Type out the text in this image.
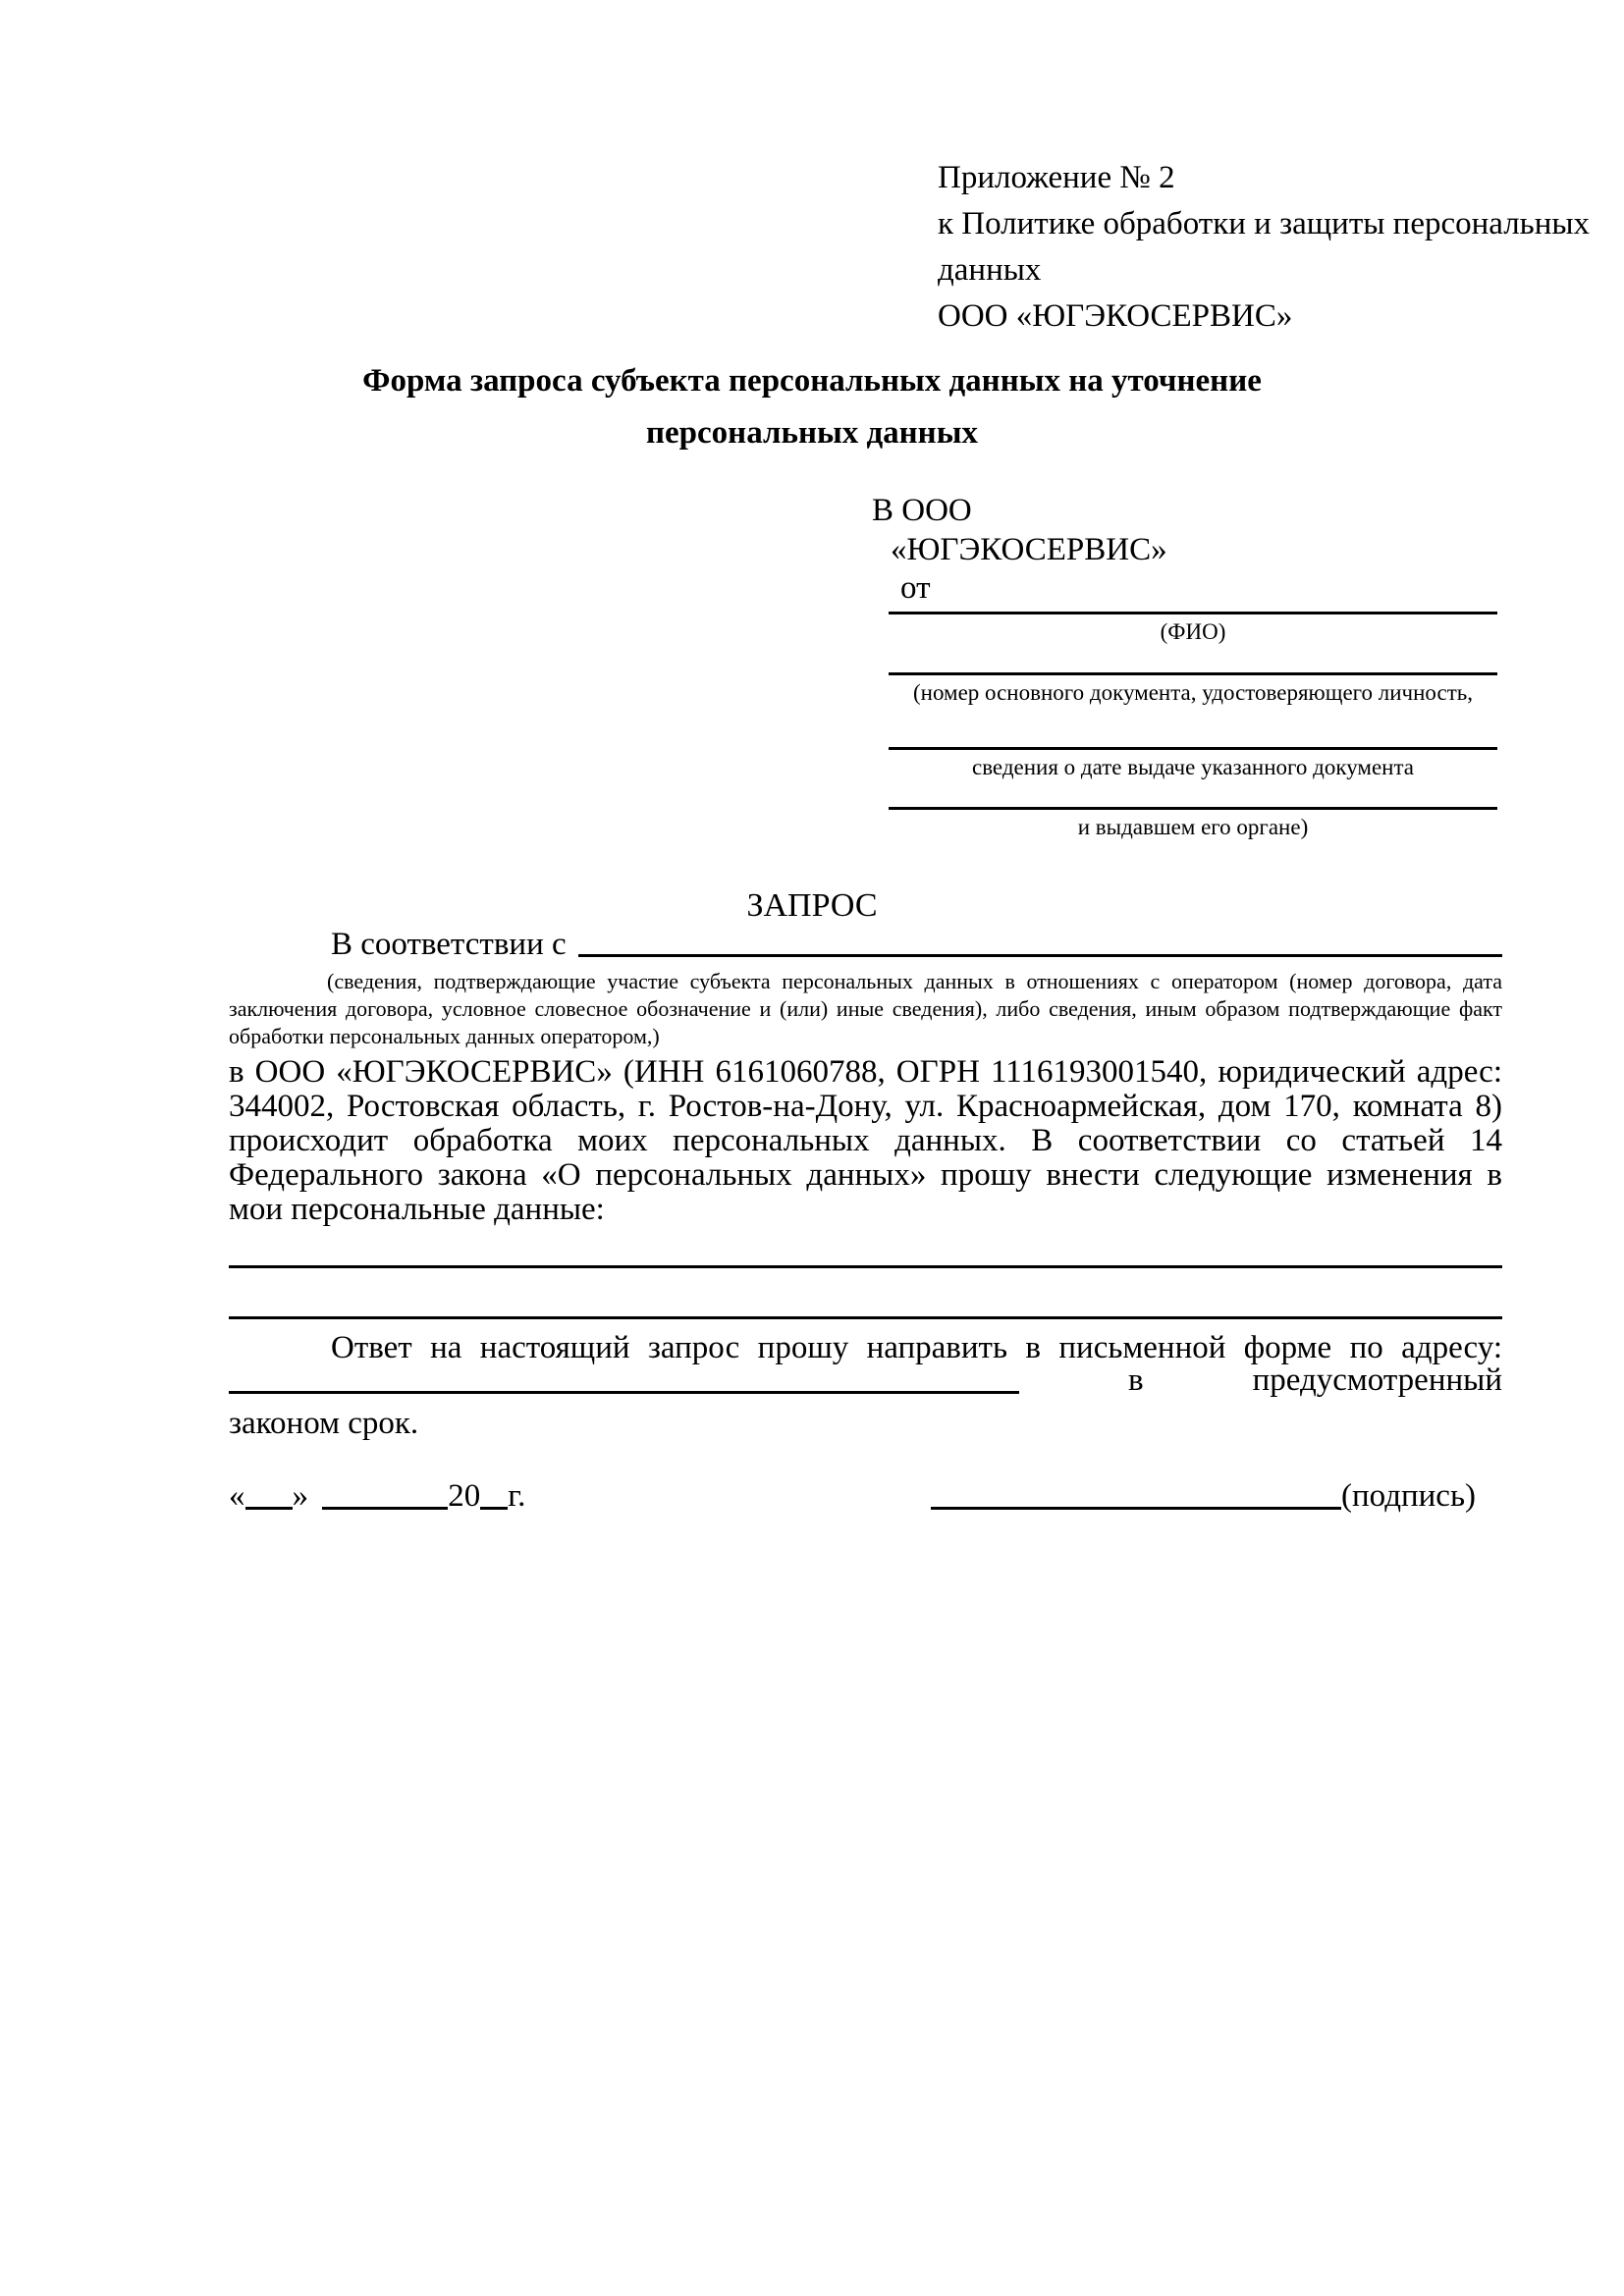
Приложение № 2
к Политике обработки и защиты персональных
данных
ООО «ЮГЭКОСЕРВИС»
Форма запроса субъекта персональных данных на уточнение персональных данных
В ООО
«ЮГЭКОСЕРВИС»
от
(ФИО)
(номер основного документа, удостоверяющего личность,
сведения о дате выдаче указанного документа
и выдавшем его органе)
ЗАПРОС
В соответствии с

(сведения, подтверждающие участие субъекта персональных данных в отношениях с оператором (номер договора, дата заключения договора, условное словесное обозначение и (или) иные сведения), либо сведения, иным образом подтверждающие факт обработки персональных данных оператором,)

в ООО «ЮГЭКОСЕРВИС» (ИНН 6161060788, ОГРН 1116193001540, юридический адрес: 344002, Ростовская область, г. Ростов-на-Дону, ул. Красноармейская, дом 170, комната 8) происходит обработка моих персональных данных. В соответствии со статьей 14 Федерального закона «О персональных данных» прошу внести следующие изменения в мои персональные данные:

Ответ на настоящий запрос прошу направить в письменной форме по адресу:

в	предусмотренный

законом срок.

« »	20 г.	(подпись)
